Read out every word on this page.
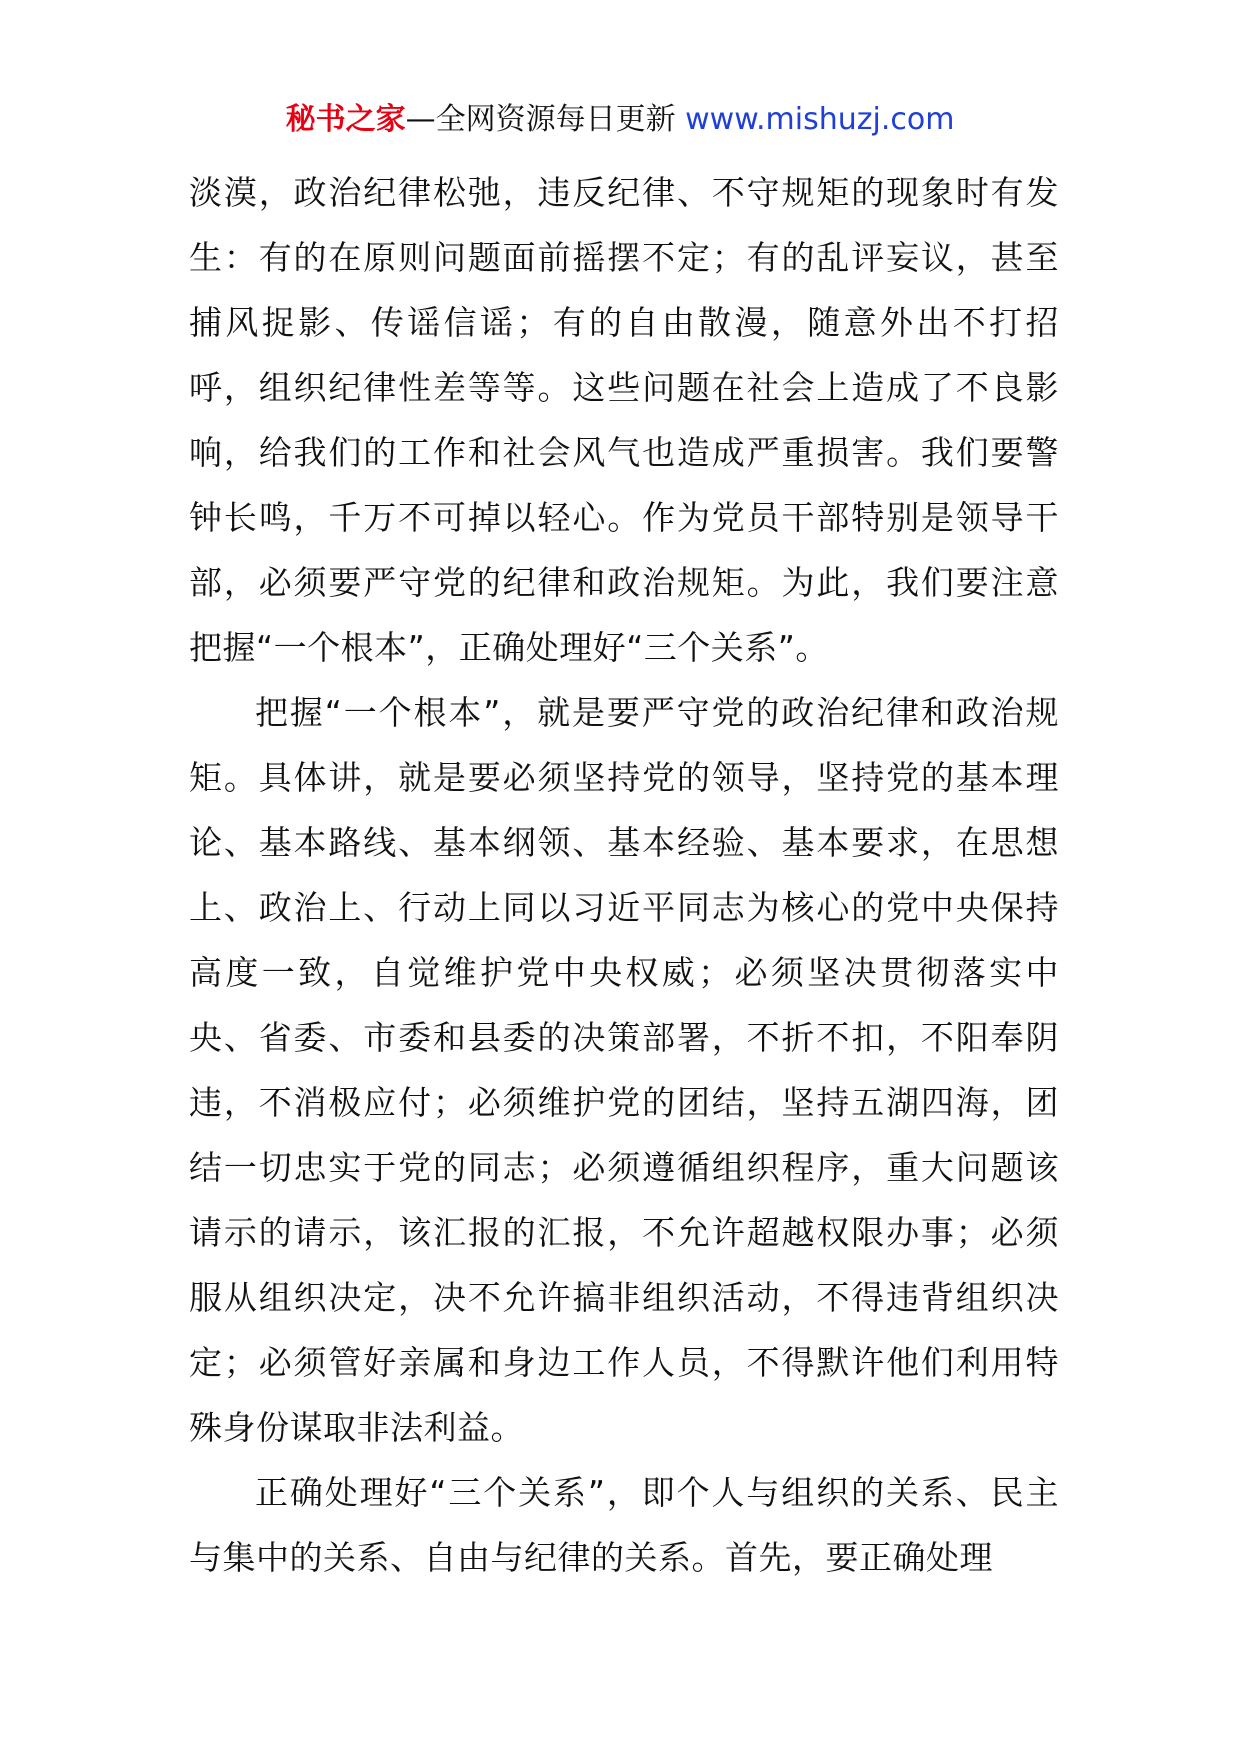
秘书之家—全网资源每日更新 www.mishuzj.com

淡漠，政治纪律松弛，违反纪律、不守规矩的现象时有发生：有的在原则问题面前摇摆不定；有的乱评妄议，甚至捕风捉影、传谣信谣；有的自由散漫，随意外出不打招呼，组织纪律性差等等。这些问题在社会上造成了不良影响，给我们的工作和社会风气也造成严重损害。我们要警钟长鸣，千万不可掉以轻心。作为党员干部特别是领导干部，必须要严守党的纪律和政治规矩。为此，我们要注意把握“一个根本”，正确处理好“三个关系”。

把握“一个根本”，就是要严守党的政治纪律和政治规矩。具体讲，就是要必须坚持党的领导，坚持党的基本理论、基本路线、基本纲领、基本经验、基本要求，在思想上、政治上、行动上同以习近平同志为核心的党中央保持高度一致，自觉维护党中央权威；必须坚决贯彻落实中央、省委、市委和县委的决策部署，不折不扣，不阳奉阴违，不消极应付；必须维护党的团结，坚持五湖四海，团结一切忠实于党的同志；必须遵循组织程序，重大问题该请示的请示，该汇报的汇报，不允许超越权限办事；必须服从组织决定，决不允许搞非组织活动，不得违背组织决定；必须管好亲属和身边工作人员，不得默许他们利用特殊身份谋取非法利益。

正确处理好“三个关系”，即个人与组织的关系、民主与集中的关系、自由与纪律的关系。首先，要正确处理
